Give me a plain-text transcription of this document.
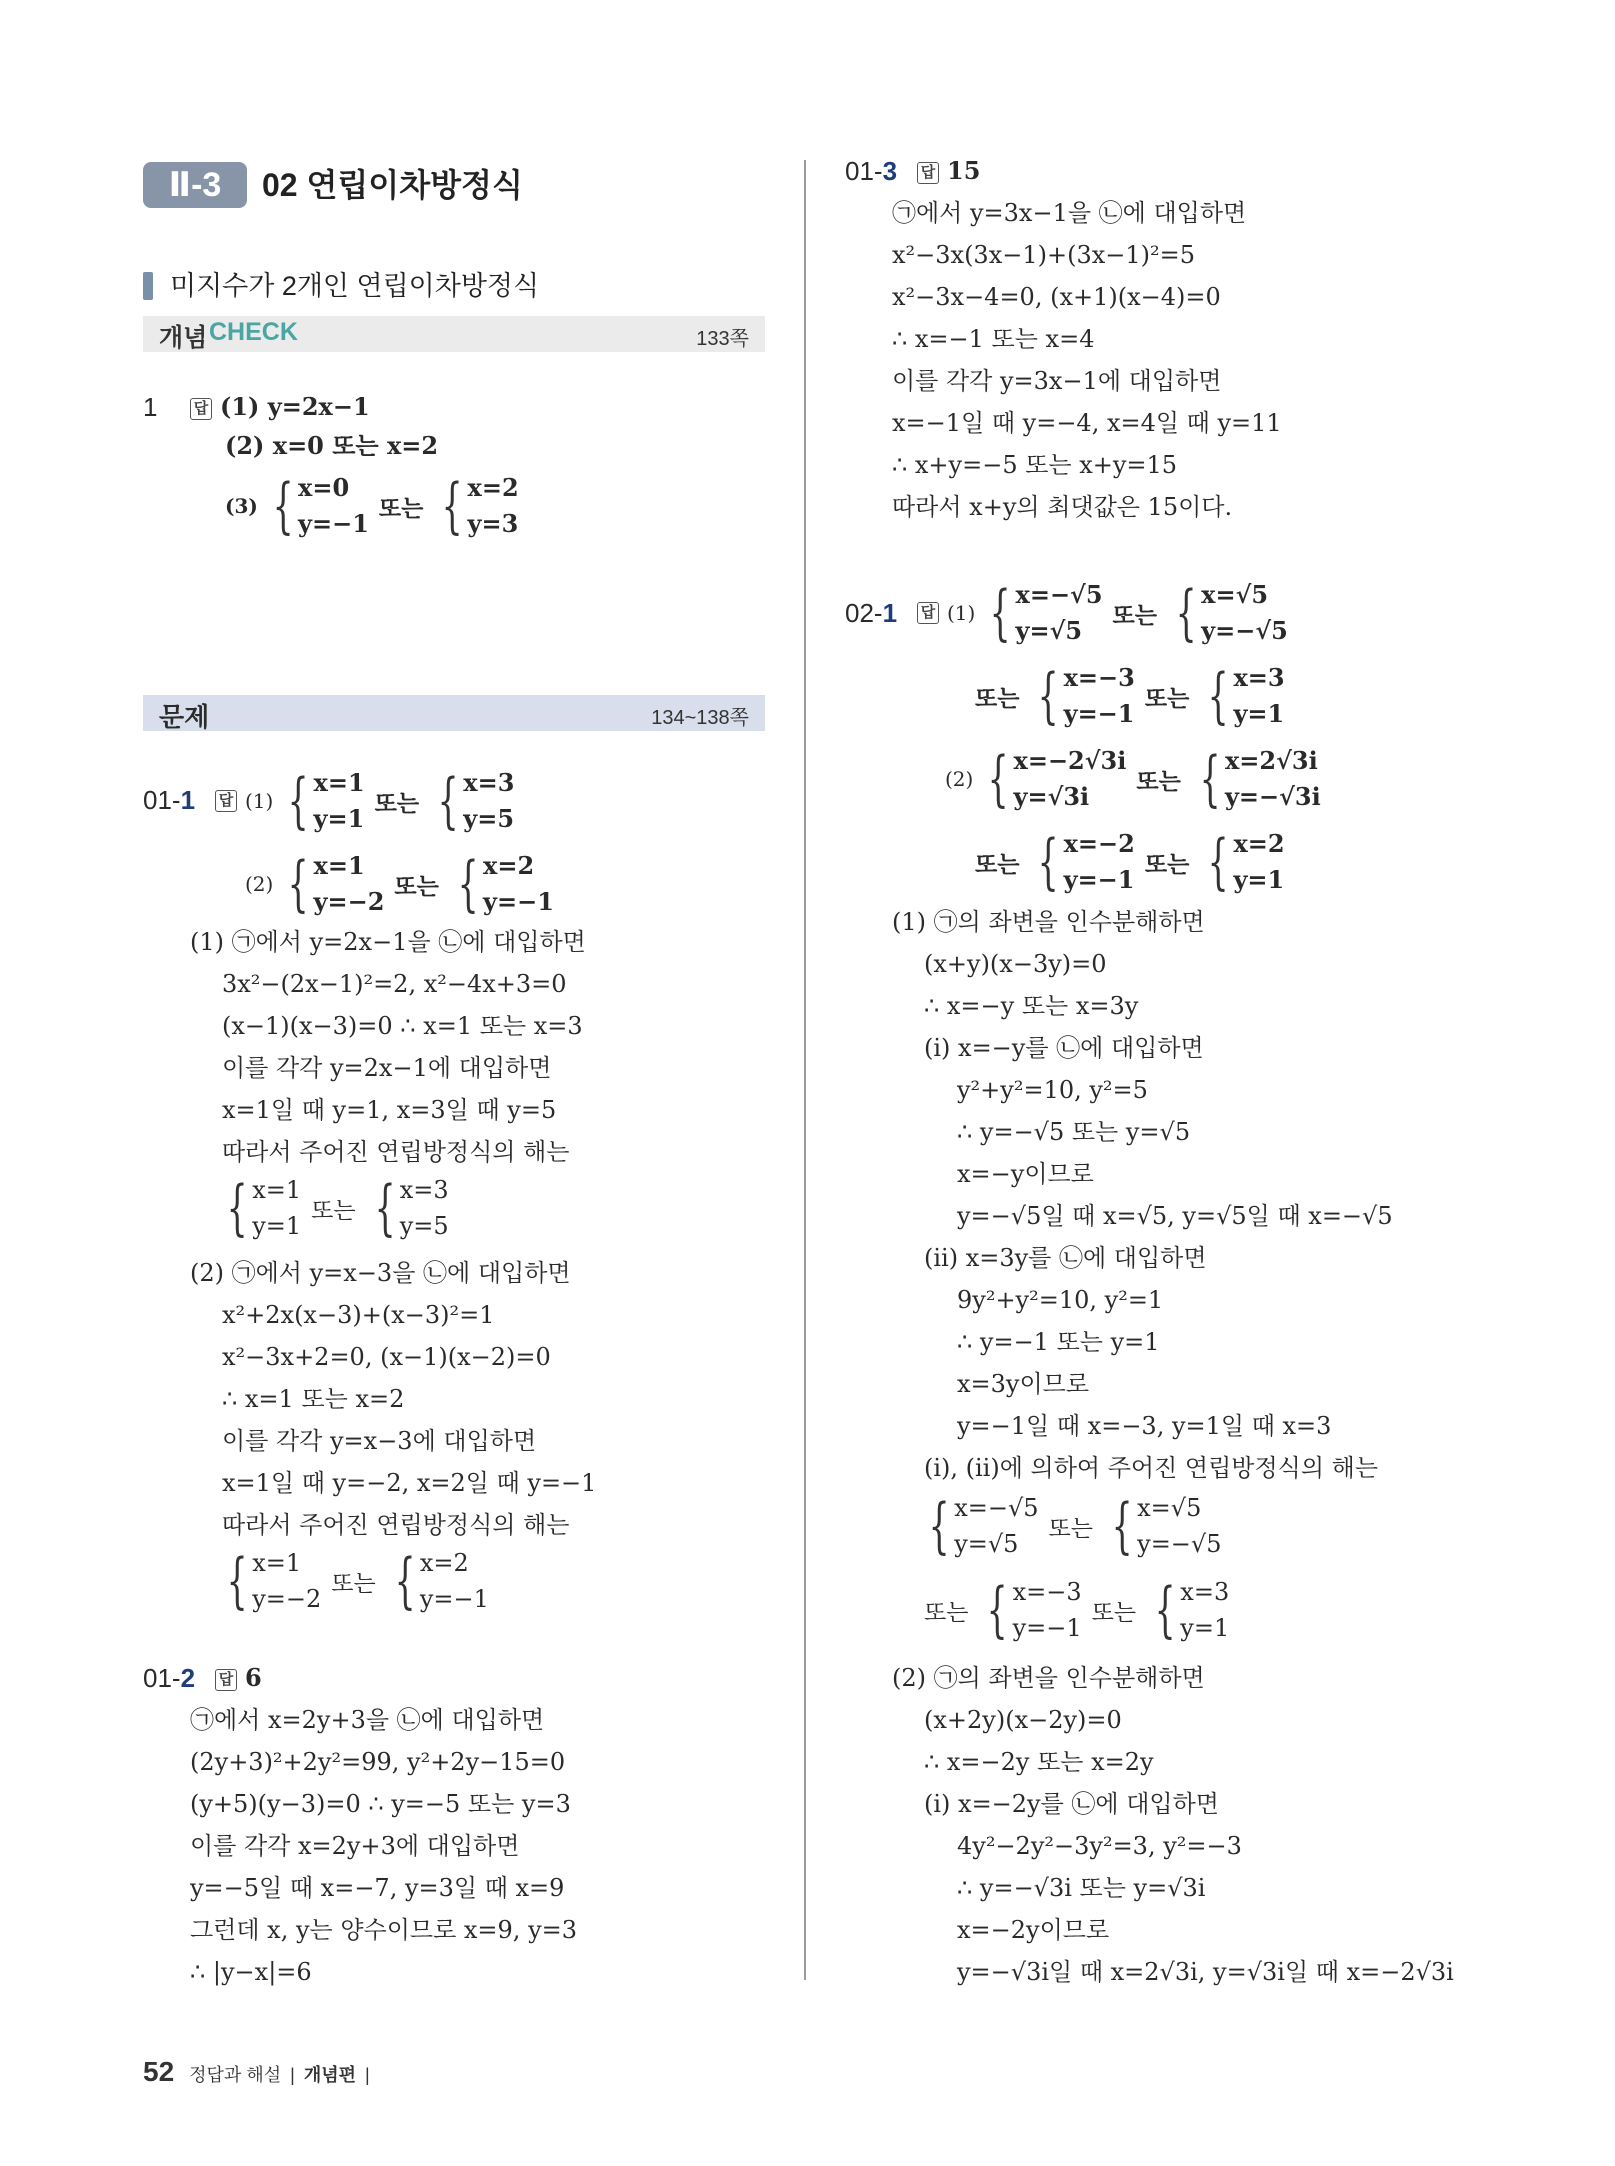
Ⅱ-3	02 연립이차방정식
미지수가 2개인 연립이차방정식
개념 CHECK	133쪽
1 답 (1) y=2x−1
(2) x=0 또는 x=2
(3) { x=0
y=−1
또는 { x=2
y=3
문제	134~138쪽
01-1 답 (1) { x=1
y=1
또는 { x=3
y=5
(2) { x=1
y=−2
또는 { x=2
y=−1
(1) ㉠에서 y=2x−1을 ㉡에 대입하면
3x²−(2x−1)²=2, x²−4x+3=0
(x−1)(x−3)=0 ∴ x=1 또는 x=3
이를 각각 y=2x−1에 대입하면
x=1일 때 y=1, x=3일 때 y=5
따라서 주어진 연립방정식의 해는
{ x=1
y=1
또는 { x=3
y=5
(2) ㉠에서 y=x−3을 ㉡에 대입하면
x²+2x(x−3)+(x−3)²=1
x²−3x+2=0, (x−1)(x−2)=0
∴ x=1 또는 x=2
이를 각각 y=x−3에 대입하면
x=1일 때 y=−2, x=2일 때 y=−1
따라서 주어진 연립방정식의 해는
{ x=1
y=−2
또는 { x=2
y=−1
01-2 답 6
㉠에서 x=2y+3을 ㉡에 대입하면
(2y+3)²+2y²=99, y²+2y−15=0
(y+5)(y−3)=0 ∴ y=−5 또는 y=3
이를 각각 x=2y+3에 대입하면
y=−5일 때 x=−7, y=3일 때 x=9
그런데 x, y는 양수이므로 x=9, y=3
∴ |y−x|=6
01-3 답 15
㉠에서 y=3x−1을 ㉡에 대입하면
x²−3x(3x−1)+(3x−1)²=5
x²−3x−4=0, (x+1)(x−4)=0
∴ x=−1 또는 x=4
이를 각각 y=3x−1에 대입하면
x=−1일 때 y=−4, x=4일 때 y=11
∴ x+y=−5 또는 x+y=15
따라서 x+y의 최댓값은 15이다.
02-1 답 (1) { x=−√5
y=√5
또는 { x=√5
y=−√5
또는 { x=−3
y=−1
또는 { x=3
y=1
(2) { x=−2√3i
y=√3i
또는 { x=2√3i
y=−√3i
또는 { x=−2
y=−1
또는 { x=2
y=1
(1) ㉠의 좌변을 인수분해하면
(x+y)(x−3y)=0
∴ x=−y 또는 x=3y
(ⅰ) x=−y를 ㉡에 대입하면
y²+y²=10, y²=5
∴ y=−√5 또는 y=√5
x=−y이므로
y=−√5일 때 x=√5, y=√5일 때 x=−√5
(ⅱ) x=3y를 ㉡에 대입하면
9y²+y²=10, y²=1
∴ y=−1 또는 y=1
x=3y이므로
y=−1일 때 x=−3, y=1일 때 x=3
(ⅰ), (ⅱ)에 의하여 주어진 연립방정식의 해는
{ x=−√5
y=√5
또는 { x=√5
y=−√5
또는 { x=−3
y=−1
또는 { x=3
y=1
(2) ㉠의 좌변을 인수분해하면
(x+2y)(x−2y)=0
∴ x=−2y 또는 x=2y
(ⅰ) x=−2y를 ㉡에 대입하면
4y²−2y²−3y²=3, y²=−3
∴ y=−√3i 또는 y=√3i
x=−2y이므로
y=−√3i일 때 x=2√3i, y=√3i일 때 x=−2√3i
52 정답과 해설 | 개념편 |
